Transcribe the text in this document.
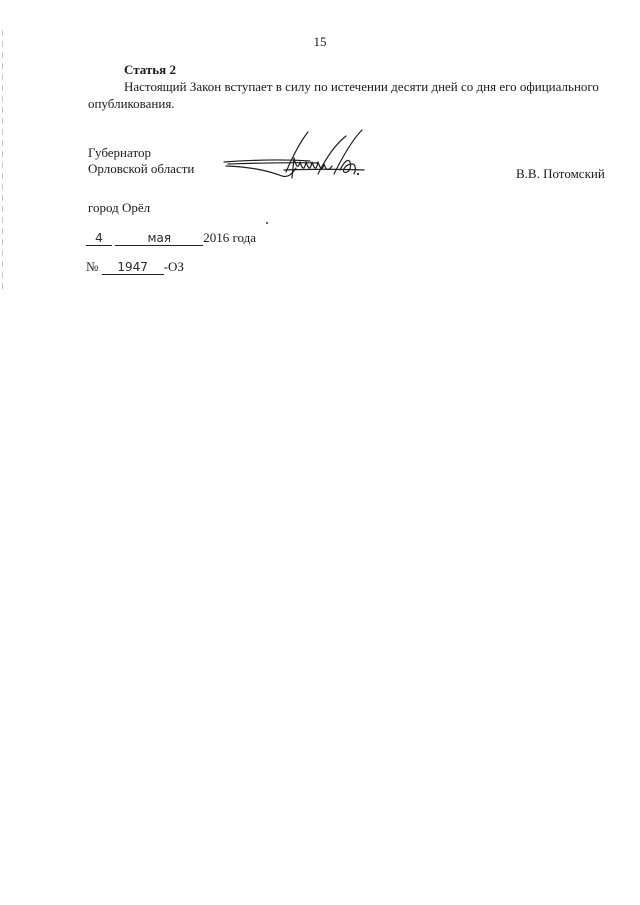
15
Статья 2
Настоящий Закон вступает в силу по истечении десяти дней со дня его официального
опубликования.
Губернатор
Орловской области	В.В. Потомский
город Орёл
4	мая 2016 года
№ 1947 -ОЗ
